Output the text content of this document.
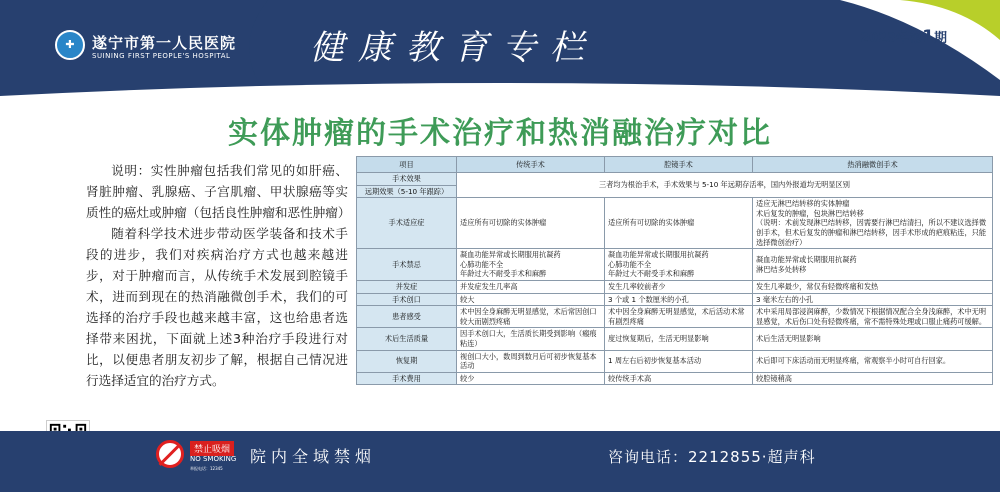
✚	遂宁市第一人民医院
SUINING FIRST PEOPLE'S HOSPITAL 健康教育专栏	2023年第1期
实体肿瘤的手术治疗和热消融治疗对比

说明：实性肿瘤包括我们常见的如肝癌、肾脏肿瘤、乳腺癌、子宫肌瘤、甲状腺癌等实质性的癌灶或肿瘤（包括良性肿瘤和恶性肿瘤）

随着科学技术进步带动医学装备和技术手段的进步，我们对疾病治疗方式也越来越进步，对于肿瘤而言，从传统手术发展到腔镜手术，进而到现在的热消融微创手术，我们的可选择的治疗手段也越来越丰富，这也给患者选择带来困扰，下面就上述3种治疗手段进行对比，以便患者朋友初步了解，根据自己情况进行选择适宜的治疗方式。

项目	传统手术	腔镜手术	热消融微创手术
手术效果	三者均为根治手术，手术效果与 5-10 年远期存活率，国内外报道均无明显区别		
远期效果（5-10 年跟踪）			
手术适应症	适应所有可切除的实体肿瘤	适应所有可切除的实体肿瘤	适应无淋巴结转移的实体肿瘤
术后复发的肿瘤，包块淋巴结转移
（说明：术前发现淋巴结转移，因需要行淋巴结清扫，所以不建议选择微创手术，但术后复发的肿瘤和淋巴结转移，因手术形成的疤痕粘连，只能选择微创治疗）
手术禁忌	凝血功能异常或长期服用抗凝药
心肺功能不全
年龄过大不耐受手术和麻醉	凝血功能异常或长期服用抗凝药
心肺功能不全
年龄过大不耐受手术和麻醉	凝血功能异常或长期服用抗凝药
淋巴结多处转移
并发症	并发症发生几率高	发生几率较前者少	发生几率最少，常仅有轻微疼痛和发热
手术创口	较大	3 个或 1 个数厘米的小孔	3 毫米左右的小孔
患者感受	术中因全身麻醉无明显感觉，术后常因创口较大而剧烈疼痛	术中因全身麻醉无明显感觉，术后活动术常有剧烈疼痛	术中采用局部浸润麻醉，少数情况下根据情况配合全身浅麻醉，术中无明显感觉，术后伤口处有轻微疼痛，常不需特殊处理或口服止痛药可缓解。
术后生活质量	因手术创口大，生活质长期受到影响（瘢痕粘连）	度过恢复期后，生活无明显影响	术后生活无明显影响
恢复期	视创口大小，数周到数月后可初步恢复基本活动	1 周左右后初步恢复基本活动	术后即可下床活动而无明显疼痛，常观察半小时可自行回家。
手术费用	较少	较传统手术高	较腔镜稍高
禁止吸烟
NO SMOKING
举报电话：12345
院内全域禁烟	咨询电话：2212855·超声科
